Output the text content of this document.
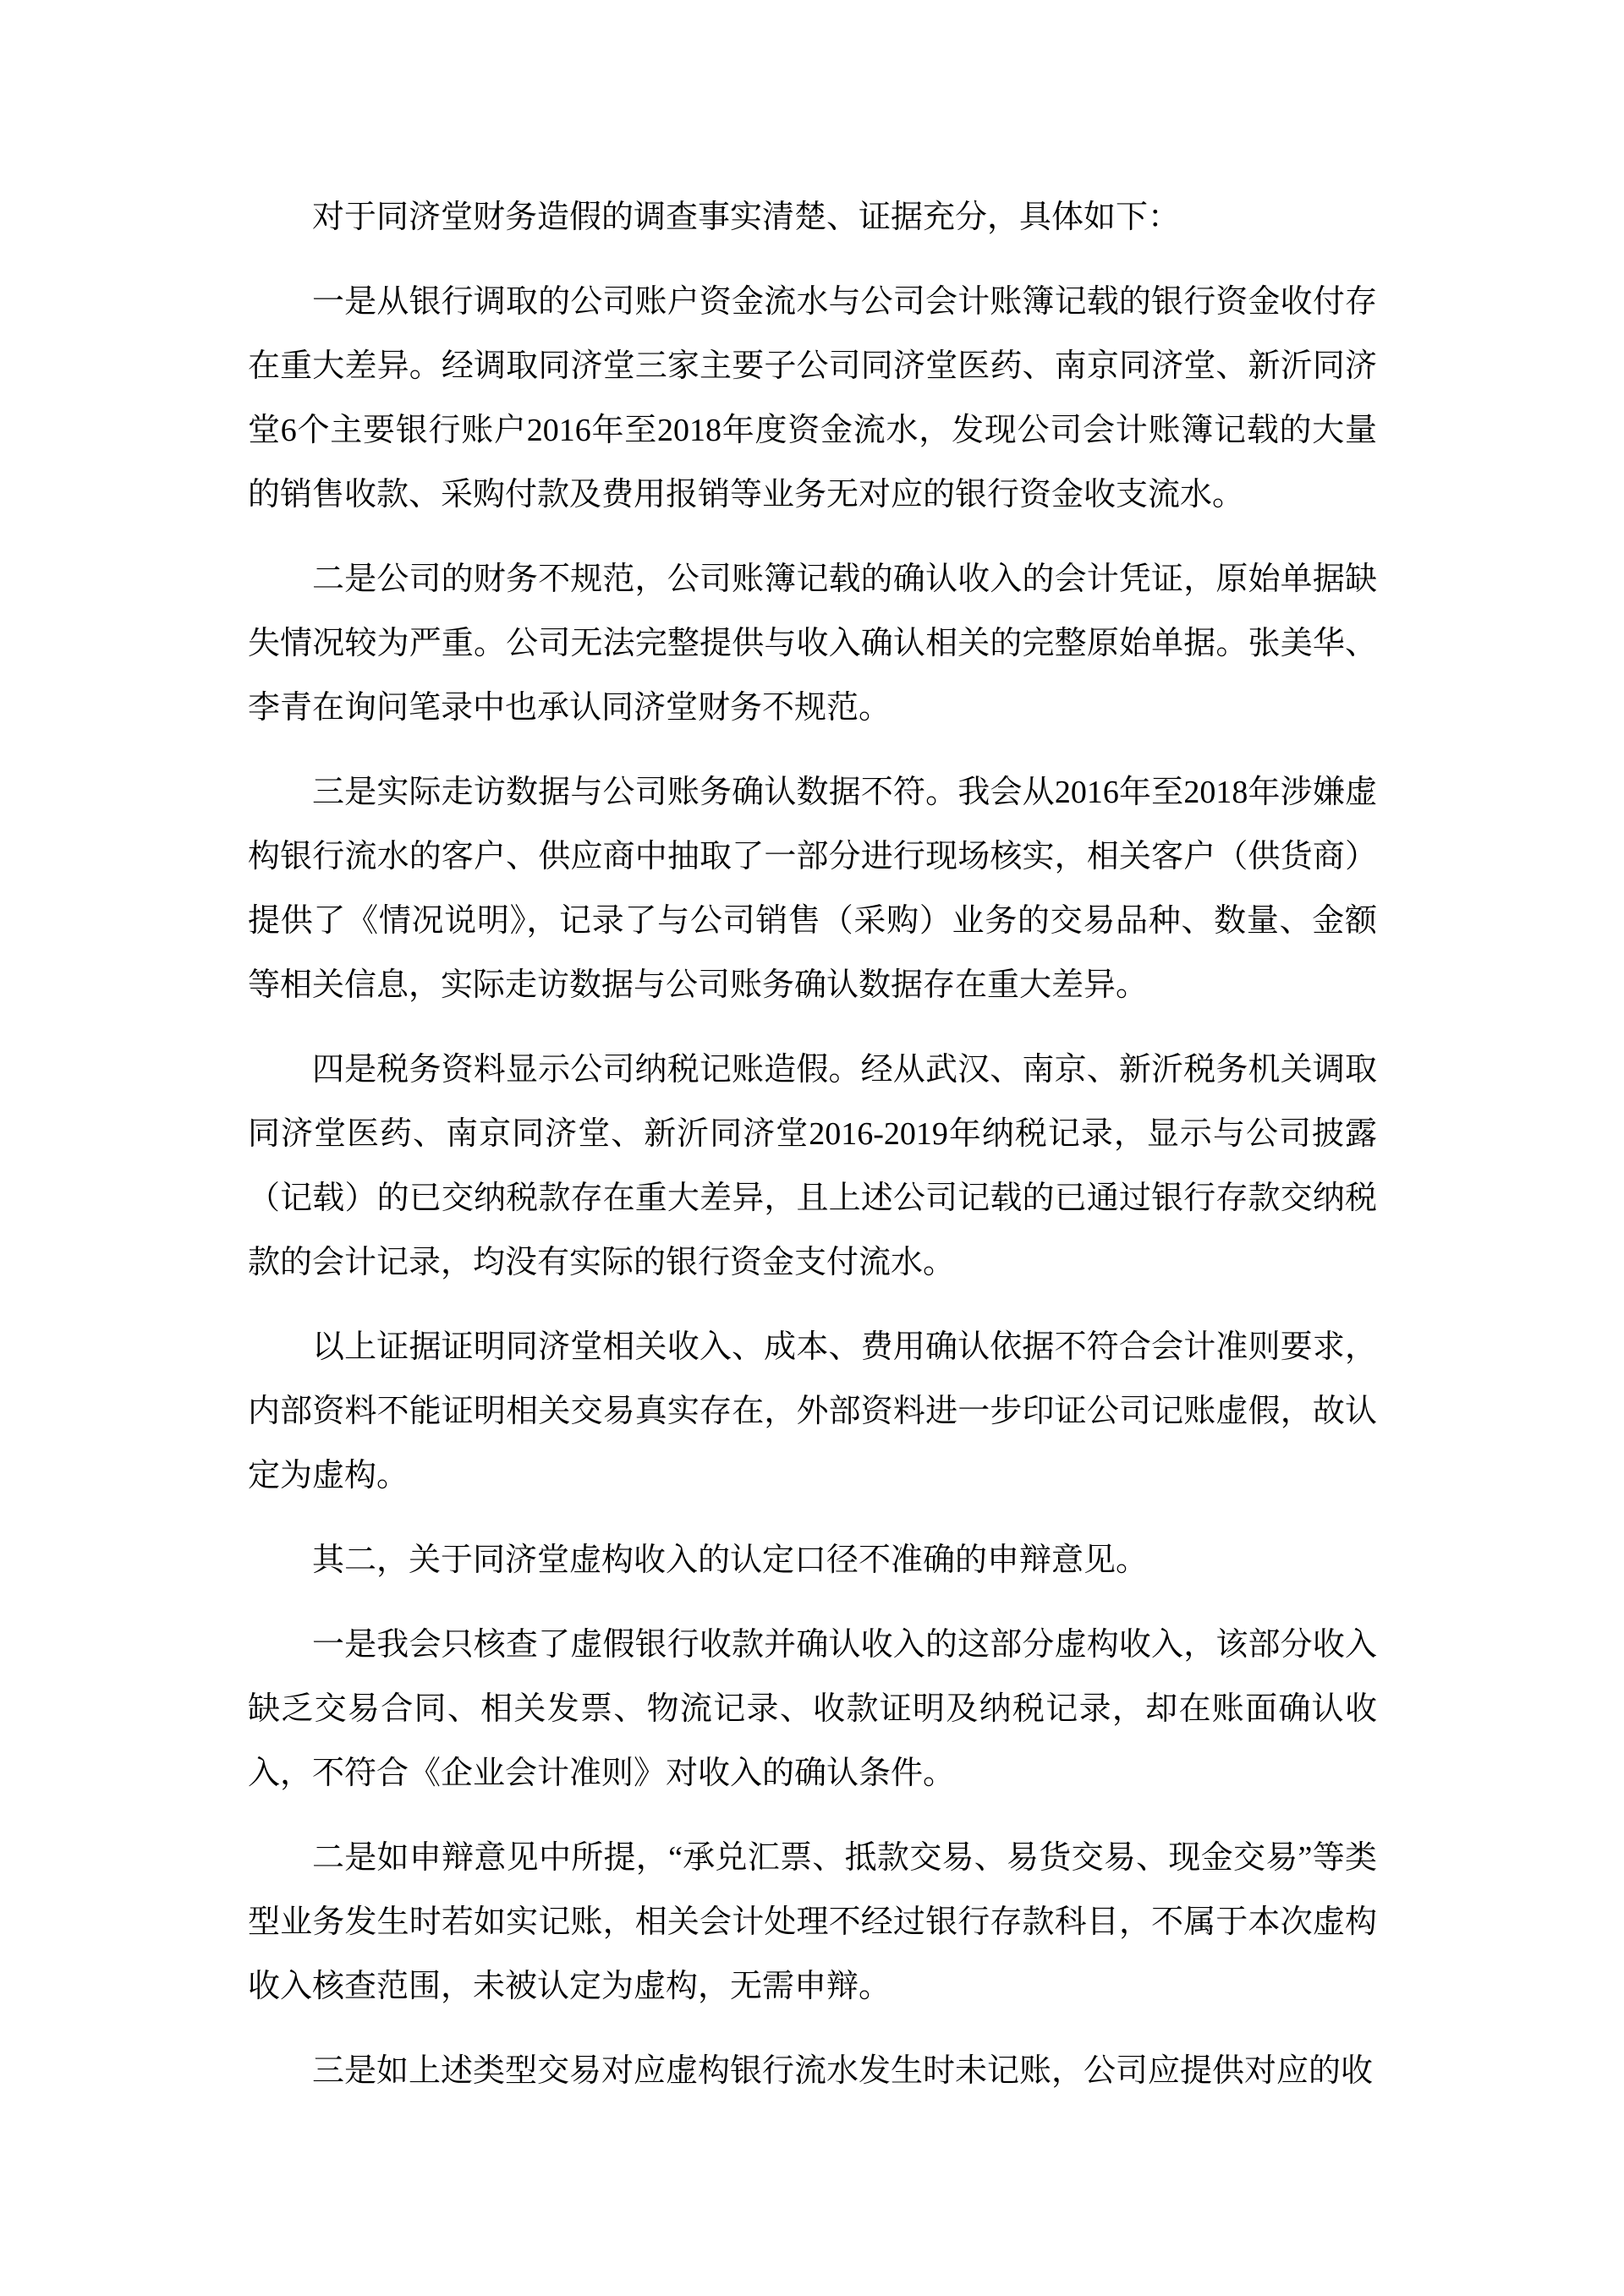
对于同济堂财务造假的调查事实清楚、证据充分，具体如下：

一是从银行调取的公司账户资金流水与公司会计账簿记载的银行资金收付存在重大差异。经调取同济堂三家主要子公司同济堂医药、南京同济堂、新沂同济堂6个主要银行账户2016年至2018年度资金流水，发现公司会计账簿记载的大量的销售收款、采购付款及费用报销等业务无对应的银行资金收支流水。

二是公司的财务不规范，公司账簿记载的确认收入的会计凭证，原始单据缺失情况较为严重。公司无法完整提供与收入确认相关的完整原始单据。张美华、李青在询问笔录中也承认同济堂财务不规范。

三是实际走访数据与公司账务确认数据不符。我会从2016年至2018年涉嫌虚构银行流水的客户、供应商中抽取了一部分进行现场核实，相关客户（供货商）提供了《情况说明》，记录了与公司销售（采购）业务的交易品种、数量、金额等相关信息，实际走访数据与公司账务确认数据存在重大差异。

四是税务资料显示公司纳税记账造假。经从武汉、南京、新沂税务机关调取同济堂医药、南京同济堂、新沂同济堂2016-2019年纳税记录，显示与公司披露（记载）的已交纳税款存在重大差异，且上述公司记载的已通过银行存款交纳税款的会计记录，均没有实际的银行资金支付流水。

以上证据证明同济堂相关收入、成本、费用确认依据不符合会计准则要求，内部资料不能证明相关交易真实存在，外部资料进一步印证公司记账虚假，故认定为虚构。

其二，关于同济堂虚构收入的认定口径不准确的申辩意见。

一是我会只核查了虚假银行收款并确认收入的这部分虚构收入，该部分收入缺乏交易合同、相关发票、物流记录、收款证明及纳税记录，却在账面确认收入，不符合《企业会计准则》对收入的确认条件。

二是如申辩意见中所提，“承兑汇票、抵款交易、易货交易、现金交易”等类型业务发生时若如实记账，相关会计处理不经过银行存款科目，不属于本次虚构收入核查范围，未被认定为虚构，无需申辩。

三是如上述类型交易对应虚构银行流水发生时未记账，公司应提供对应的收
